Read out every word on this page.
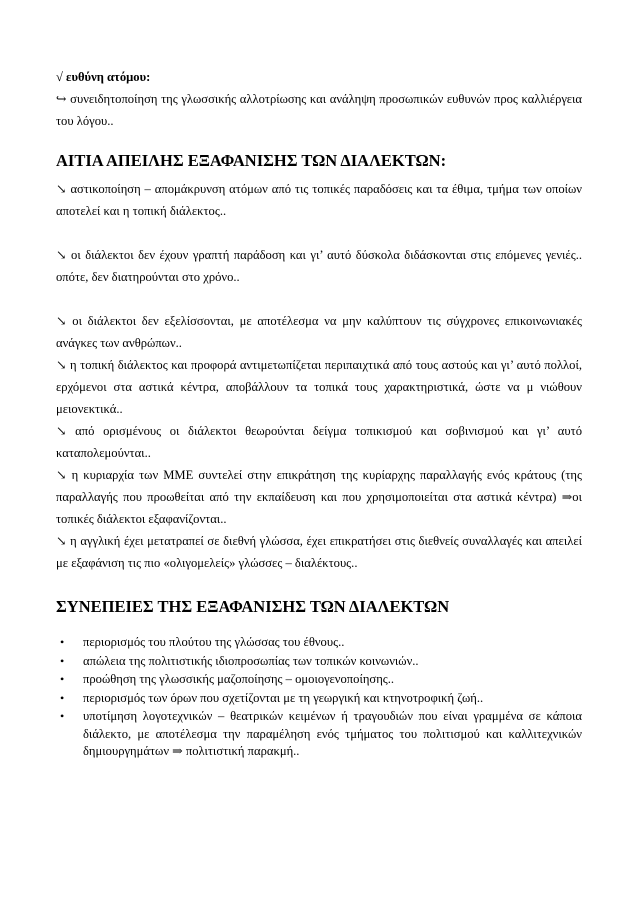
√ ευθύνη ατόμου:

↪ συνειδητοποίηση της γλωσσικής αλλοτρίωσης και ανάληψη προσωπικών ευθυνών προς καλλιέργεια του λόγου..

ΑΙΤΙΑ ΑΠΕΙΛΗΣ ΕΞΑΦΑΝΙΣΗΣ ΤΩΝ ΔΙΑΛΕΚΤΩΝ:

↘ αστικοποίηση – απομάκρυνση ατόμων από τις τοπικές παραδόσεις και τα έθιμα, τμήμα των οποίων αποτελεί και η τοπική διάλεκτος..

↘ οι διάλεκτοι δεν έχουν γραπτή παράδοση και γι’ αυτό δύσκολα διδάσκονται στις επόμενες γενιές.. οπότε, δεν διατηρούνται στο χρόνο..

↘ οι διάλεκτοι δεν εξελίσσονται, με αποτέλεσμα να μην καλύπτουν τις σύγχρονες επικοινωνιακές ανάγκες των ανθρώπων..

↘ η τοπική διάλεκτος και προφορά αντιμετωπίζεται περιπαιχτικά από τους αστούς και γι’ αυτό πολλοί, ερχόμενοι στα αστικά κέντρα, αποβάλλουν τα τοπικά τους χαρακτηριστικά, ώστε να μ νιώθουν μειονεκτικά..

↘ από ορισμένους οι διάλεκτοι θεωρούνται δείγμα τοπικισμού και σοβινισμού και γι’ αυτό καταπολεμούνται..

↘ η κυριαρχία των ΜΜΕ συντελεί στην επικράτηση της κυρίαρχης παραλλαγής ενός κράτους (της παραλλαγής που προωθείται από την εκπαίδευση και που χρησιμοποιείται στα αστικά κέντρα) ⇒οι τοπικές διάλεκτοι εξαφανίζονται..

↘ η αγγλική έχει μετατραπεί σε διεθνή γλώσσα, έχει επικρατήσει στις διεθνείς συναλλαγές και απειλεί με εξαφάνιση τις πιο «ολιγομελείς» γλώσσες – διαλέκτους..

ΣΥΝΕΠΕΙΕΣ ΤΗΣ ΕΞΑΦΑΝΙΣΗΣ ΤΩΝ ΔΙΑΛΕΚΤΩΝ
• περιορισμός του πλούτου της γλώσσας του έθνους..
• απώλεια της πολιτιστικής ιδιοπροσωπίας των τοπικών κοινωνιών..
• προώθηση της γλωσσικής μαζοποίησης – ομοιογενοποίησης..
• περιορισμός των όρων που σχετίζονται με τη γεωργική και κτηνοτροφική ζωή..
• υποτίμηση λογοτεχνικών – θεατρικών κειμένων ή τραγουδιών που είναι γραμμένα σε κάποια διάλεκτο, με αποτέλεσμα την παραμέληση ενός τμήματος του πολιτισμού και καλλιτεχνικών δημιουργημάτων ⇒ πολιτιστική παρακμή..
